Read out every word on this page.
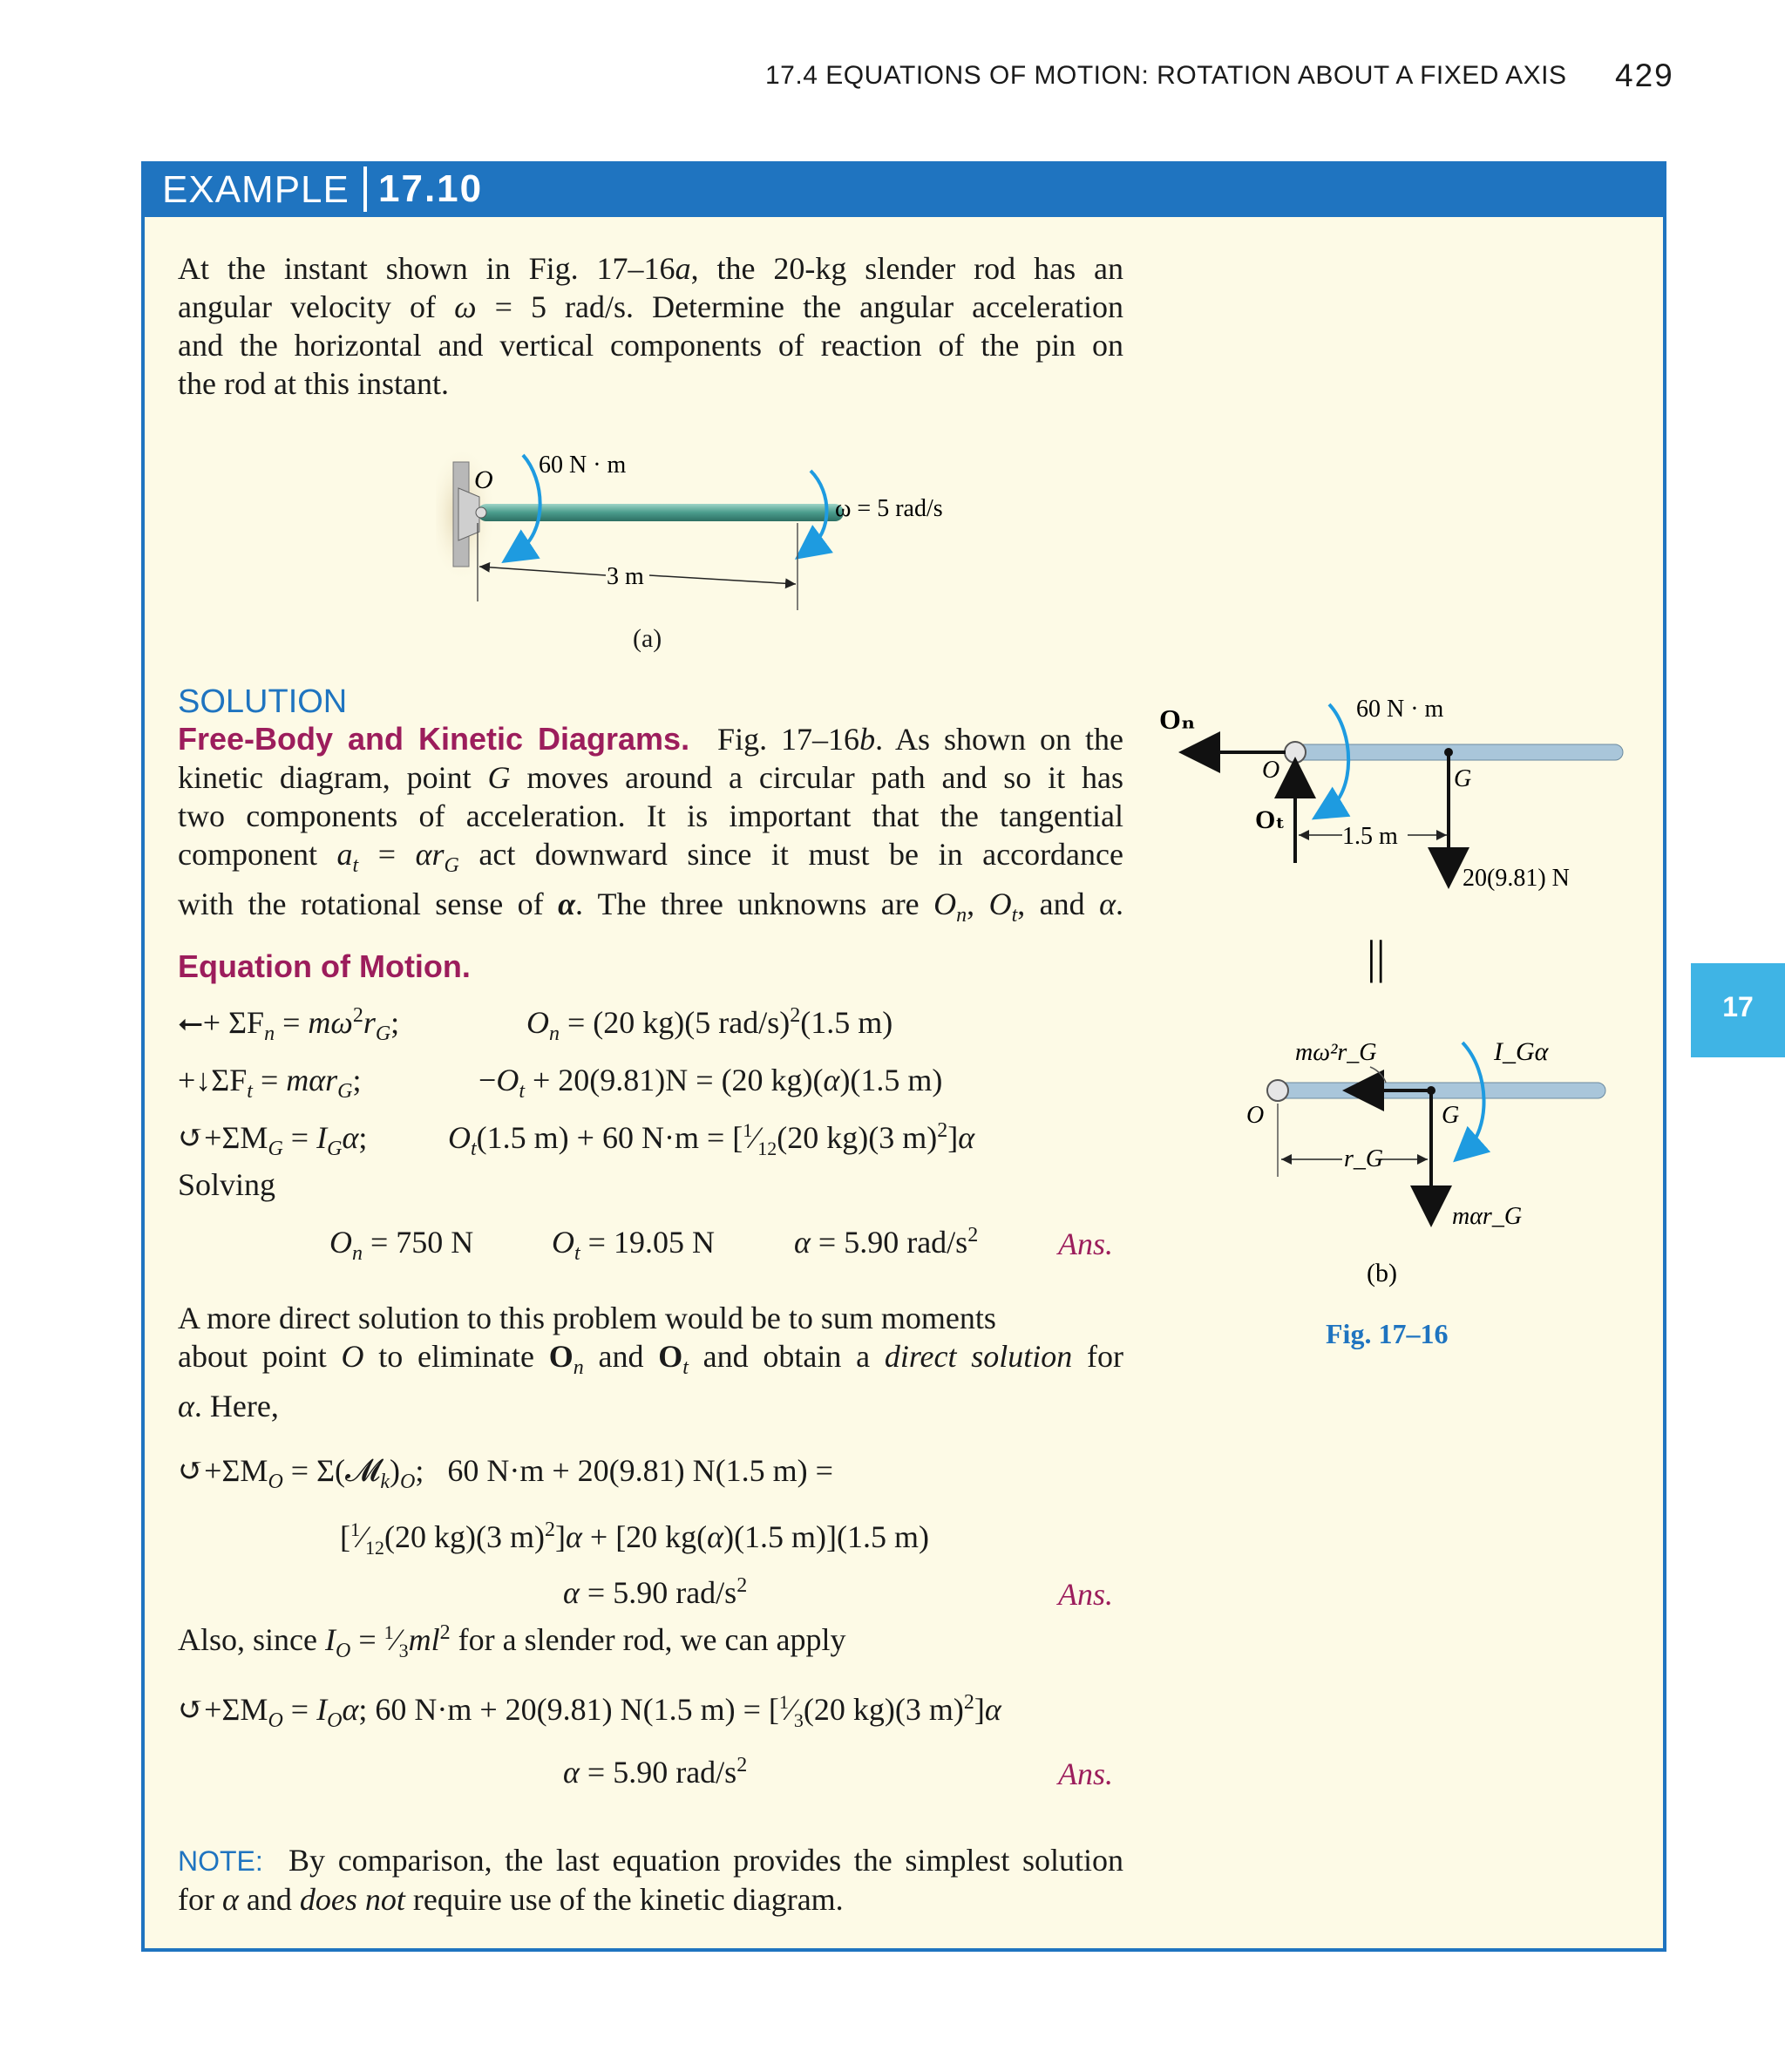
17.4 EQUATIONS OF MOTION: ROTATION ABOUT A FIXED AXIS 429
EXAMPLE 17.10
At the instant shown in Fig. 17–16a, the 20-kg slender rod has an
angular velocity of ω = 5 rad/s. Determine the angular acceleration
and the horizontal and vertical components of reaction of the pin on
the rod at this instant.
O
60 N · m
ω = 5 rad/s
3 m
(a)
SOLUTION
Free-Body and Kinetic Diagrams.  Fig. 17–16b. As shown on the
kinetic diagram, point G moves around a circular path and so it has
two components of acceleration. It is important that the tangential
component $a_t = \alpha r_G$ act downward since it must be in accordance
with the rotational sense of α. The three unknowns are $O_n$, $O_t$, and α.
Equation of Motion.
⭠+ $\Sigma F_n = m\omega^2r_G$;	$O_n = (20$ kg)(5 rad/s)$^2$(1.5 m)
$+↓\Sigma F_t = m\alpha r_G$;	$-O_t + 20(9.81)N = (20$ kg)(α)(1.5 m)
$↺+\Sigma M_G = I_G\alpha$;	$O_t(1.5$ m) + 60 $N\cdot m = [^1⁄_{12}(20$ kg)(3 m)$^2$]α
Solving
$O_n = 750$ N $O_t = 19.05$ N	α = 5.90 rad/$s^2$	Ans.
A more direct solution to this problem would be to sum moments
about point O to eliminate $O_n$ and $O_t$ and obtain a direct solution for
α. Here,
$↺+\Sigma M_O$ = $\Sigma(𝓜_k)_O$;   60 N·m + 20(9.81) N(1.5 m) =
[$^1⁄_{12}(20$ kg)(3 m)$^2$]α + [20 kg(α)(1.5 m)](1.5 m)
α = 5.90 rad/$s^2$	Ans.
Also, since $I_O$ = $^1⁄_3ml^2$ for a slender rod, we can apply
$↺+\Sigma M_O = I_O\alpha$; 60 N·m + 20(9.81) N(1.5 $m) = [^1⁄_3(20$ kg)(3 m)$^2$]α
α = 5.90 rad/$s^2$	Ans.
NOTE:  By comparison, the last equation provides the simplest solution
for α and does not require use of the kinetic diagram.
Oₙ
Oₜ
O
60 N · m
G
20(9.81) N
1.5 m
||
O
mω²r_G
mαr_G
G
I_Gα
r_G
(b)
Fig. 17–16
17
